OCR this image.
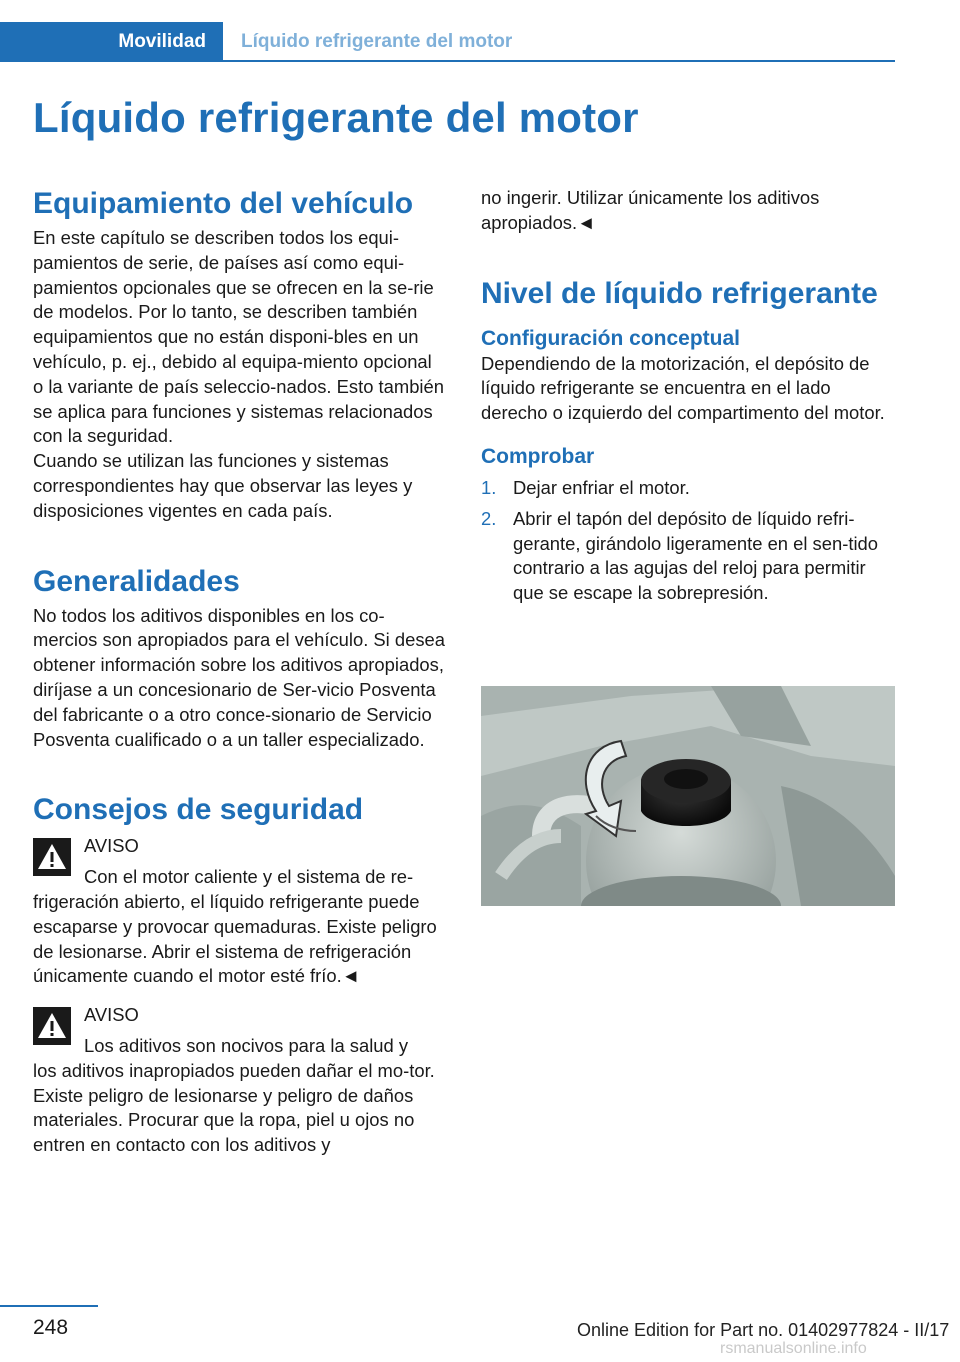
Movilidad	Líquido refrigerante del motor
Líquido refrigerante del motor
Equipamiento del vehículo

En este capítulo se describen todos los equi-pamientos de serie, de países así como equi-pamientos opcionales que se ofrecen en la se-rie de modelos. Por lo tanto, se describen también equipamientos que no están disponi-bles en un vehículo, p. ej., debido al equipa-miento opcional o la variante de país seleccio-nados. Esto también se aplica para funciones y sistemas relacionados con la seguridad.

Cuando se utilizan las funciones y sistemas correspondientes hay que observar las leyes y disposiciones vigentes en cada país.

Generalidades

No todos los aditivos disponibles en los co-mercios son apropiados para el vehículo. Si desea obtener información sobre los aditivos apropiados, diríjase a un concesionario de Ser-vicio Posventa del fabricante o a otro conce-sionario de Servicio Posventa cualificado o a un taller especializado.

Consejos de seguridad

AVISO

Con el motor caliente y el sistema de re-

frigeración abierto, el líquido refrigerante puede escaparse y provocar quemaduras. Existe peligro de lesionarse. Abrir el sistema de refrigeración únicamente cuando el motor esté frío.◄

AVISO

Los aditivos son nocivos para la salud y

los aditivos inapropiados pueden dañar el mo-tor. Existe peligro de lesionarse y peligro de daños materiales. Procurar que la ropa, piel u ojos no entren en contacto con los aditivos y

no ingerir. Utilizar únicamente los aditivos apropiados.◄

Nivel de líquido refrigerante
Configuración conceptual

Dependiendo de la motorización, el depósito de líquido refrigerante se encuentra en el lado derecho o izquierdo del compartimento del motor.

Comprobar
1. Dejar enfriar el motor.
2. Abrir el tapón del depósito de líquido refri-gerante, girándolo ligeramente en el sen-tido contrario a las agujas del reloj para permitir que se escape la sobrepresión.
248	Online Edition for Part no. 01402977824 - II/17
rsmanualsonline.info
